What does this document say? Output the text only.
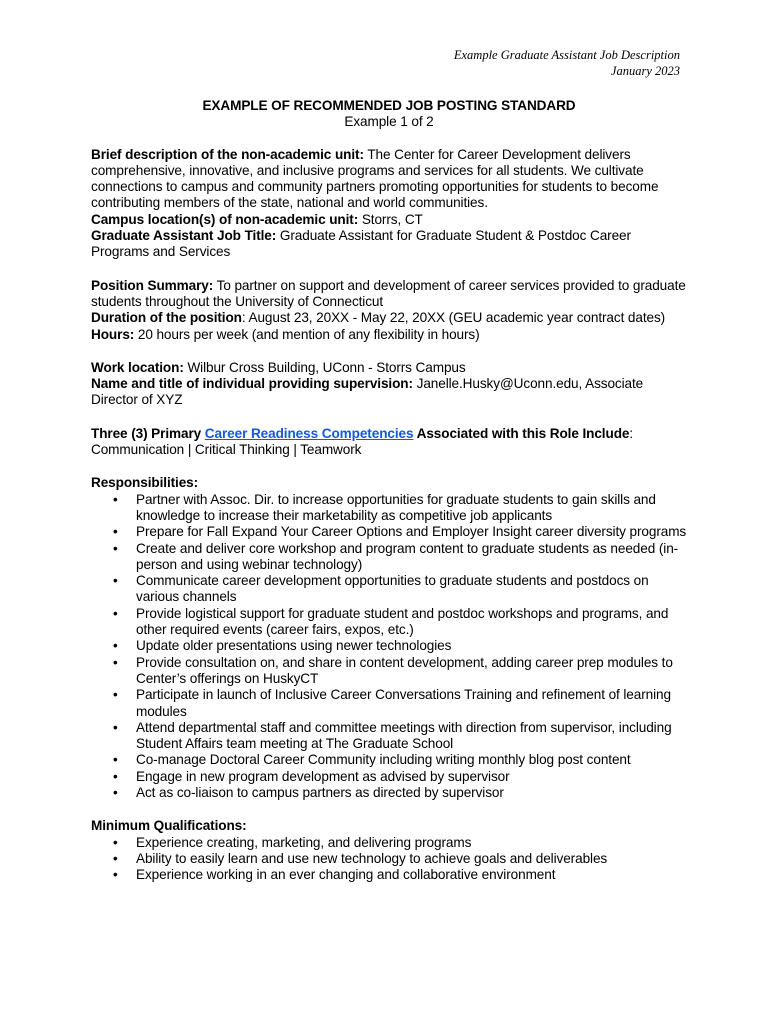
Example Graduate Assistant Job Description
January 2023
EXAMPLE OF RECOMMENDED JOB POSTING STANDARD
Example 1 of 2
Brief description of the non-academic unit: The Center for Career Development delivers comprehensive, innovative, and inclusive programs and services for all students. We cultivate connections to campus and community partners promoting opportunities for students to become contributing members of the state, national and world communities.
Campus location(s) of non-academic unit: Storrs, CT
Graduate Assistant Job Title: Graduate Assistant for Graduate Student & Postdoc Career Programs and Services
Position Summary: To partner on support and development of career services provided to graduate students throughout the University of Connecticut
Duration of the position: August 23, 20XX - May 22, 20XX (GEU academic year contract dates)
Hours: 20 hours per week (and mention of any flexibility in hours)
Work location: Wilbur Cross Building, UConn - Storrs Campus
Name and title of individual providing supervision: Janelle.Husky@Uconn.edu, Associate Director of XYZ
Three (3) Primary Career Readiness Competencies Associated with this Role Include:
Communication | Critical Thinking | Teamwork
Responsibilities:
• Partner with Assoc. Dir. to increase opportunities for graduate students to gain skills and knowledge to increase their marketability as competitive job applicants
• Prepare for Fall Expand Your Career Options and Employer Insight career diversity programs
• Create and deliver core workshop and program content to graduate students as needed (in-person and using webinar technology)
• Communicate career development opportunities to graduate students and postdocs on various channels
• Provide logistical support for graduate student and postdoc workshops and programs, and other required events (career fairs, expos, etc.)
• Update older presentations using newer technologies
• Provide consultation on, and share in content development, adding career prep modules to Center’s offerings on HuskyCT
• Participate in launch of Inclusive Career Conversations Training and refinement of learning modules
• Attend departmental staff and committee meetings with direction from supervisor, including Student Affairs team meeting at The Graduate School
• Co-manage Doctoral Career Community including writing monthly blog post content
• Engage in new program development as advised by supervisor
• Act as co-liaison to campus partners as directed by supervisor
Minimum Qualifications:
• Experience creating, marketing, and delivering programs
• Ability to easily learn and use new technology to achieve goals and deliverables
• Experience working in an ever changing and collaborative environment
